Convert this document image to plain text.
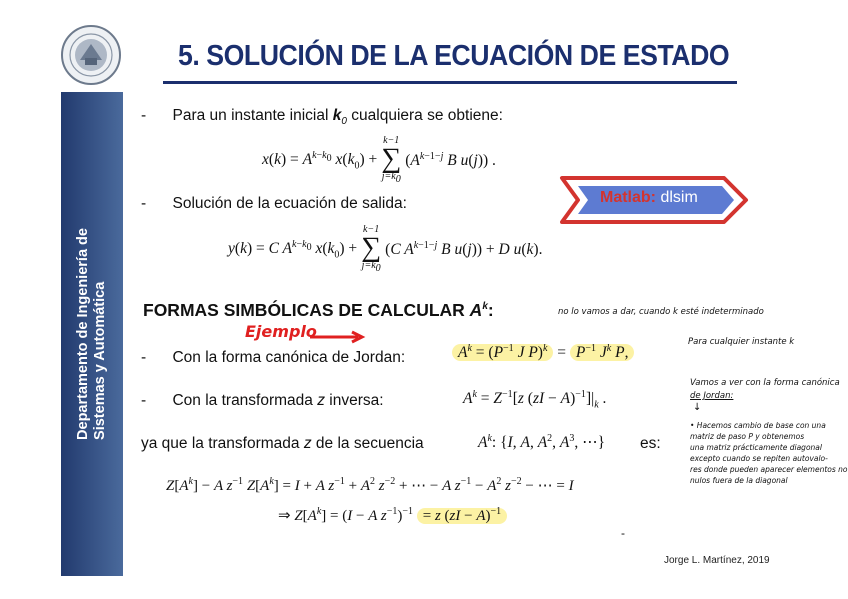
Departamento de Ingeniería de Sistemas y Automática
5. SOLUCIÓN DE LA ECUACIÓN DE ESTADO
- Para un instante inicial $k_0$ cualquiera se obtiene:
$x(k) = A^{k-k_0}$ $x(k_0)$ +
k−1
∑
$j=k_0$
($A^{k-1-j}$ B u(j)) .
- Solución de la ecuación de salida:	Matlab: dlsim
y(k) = C $A^{k-k_0}$ $x(k_0)$ +
k−1
∑
$j=k_0$
(C $A^{k-1-j}$ B u(j)) + D u(k).
FORMAS SIMBÓLICAS DE CALCULAR $A^k$:	no lo vamos a dar, cuando k esté indeterminado
Ejemplo
- Con la forma canónica de Jordan:	$A^k = (P^{-1}$ J $P)^k = P^{-1}$ $J^k$ P,
Para cualquier instante k
- Con la transformada z inversa:	$A^k = Z^{-1}[z$ $(zI - A)^{-1}]|_k$ .
Vamos a ver con la forma canónica
de Jordan:
↓
• Hacemos cambio de base con una
matriz de paso P y obtenemos
una matriz prácticamente diagonal
excepto cuando se repiten autovalo-
res donde pueden aparecer elementos no
nulos fuera de la diagonal
ya que la transformada z de la secuencia	$A^k$: {I, A, $A^2$, $A^3$, ⋯} es:
$Z[A^k] - A$ $z^{-1}$ $Z[A^k] = I + A$ $z^{-1} + A^2$ $z^{-2}$ + ⋯ − A $z^{-1} - A^2$ $z^{-2}$ − ⋯ = I
⇒ $Z[A^k] = (I - A$ $z^{-1})^{-1} = z$ (zI − A)$^{-1}$
-
Jorge L. Martínez, 2019
